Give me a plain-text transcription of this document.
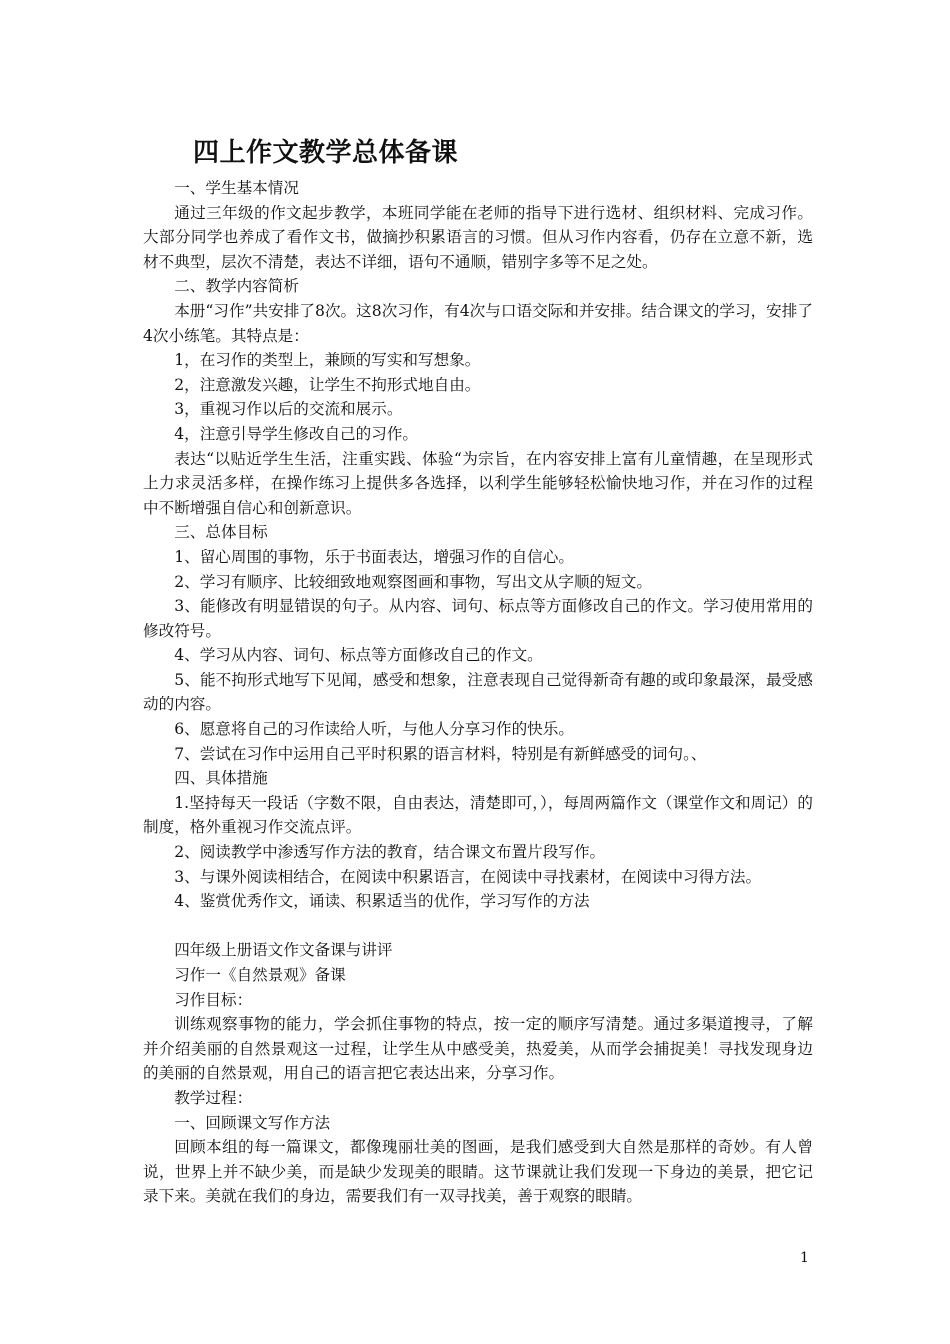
四上作文教学总体备课

一、学生基本情况

通过三年级的作文起步教学，本班同学能在老师的指导下进行选材、组织材料、完成习作。大部分同学也养成了看作文书，做摘抄积累语言的习惯。但从习作内容看，仍存在立意不新，选材不典型，层次不清楚，表达不详细，语句不通顺，错别字多等不足之处。

二、教学内容简析

本册“习作”共安排了8次。这8次习作，有4次与口语交际和并安排。结合课文的学习，安排了4次小练笔。其特点是：

1，在习作的类型上，兼顾的写实和写想象。

2，注意激发兴趣，让学生不拘形式地自由。

3，重视习作以后的交流和展示。

4，注意引导学生修改自己的习作。

表达“以贴近学生生活，注重实践、体验“为宗旨，在内容安排上富有儿童情趣，在呈现形式上力求灵活多样，在操作练习上提供多各选择，以利学生能够轻松愉快地习作，并在习作的过程中不断增强自信心和创新意识。

三、总体目标

1、留心周围的事物，乐于书面表达，增强习作的自信心。

2、学习有顺序、比较细致地观察图画和事物，写出文从字顺的短文。

3、能修改有明显错误的句子。从内容、词句、标点等方面修改自己的作文。学习使用常用的修改符号。

4、学习从内容、词句、标点等方面修改自己的作文。

5、能不拘形式地写下见闻，感受和想象，注意表现自己觉得新奇有趣的或印象最深，最受感动的内容。

6、愿意将自己的习作读给人听，与他人分享习作的快乐。

7、尝试在习作中运用自己平时积累的语言材料，特别是有新鲜感受的词句。、

四、具体措施

1.坚持每天一段话（字数不限，自由表达，清楚即可，），每周两篇作文（课堂作文和周记）的制度，格外重视习作交流点评。

2、阅读教学中渗透写作方法的教育，结合课文布置片段写作。

3、与课外阅读相结合，在阅读中积累语言，在阅读中寻找素材，在阅读中习得方法。

4、鉴赏优秀作文，诵读、积累适当的优作，学习写作的方法

四年级上册语文作文备课与讲评

习作一《自然景观》备课

习作目标：

训练观察事物的能力，学会抓住事物的特点，按一定的顺序写清楚。通过多渠道搜寻，了解并介绍美丽的自然景观这一过程，让学生从中感受美，热爱美，从而学会捕捉美！寻找发现身边的美丽的自然景观，用自己的语言把它表达出来，分享习作。

教学过程：

一、回顾课文写作方法

回顾本组的每一篇课文，都像瑰丽壮美的图画，是我们感受到大自然是那样的奇妙。有人曾说，世界上并不缺少美，而是缺少发现美的眼睛。这节课就让我们发现一下身边的美景，把它记录下来。美就在我们的身边，需要我们有一双寻找美，善于观察的眼睛。

1
